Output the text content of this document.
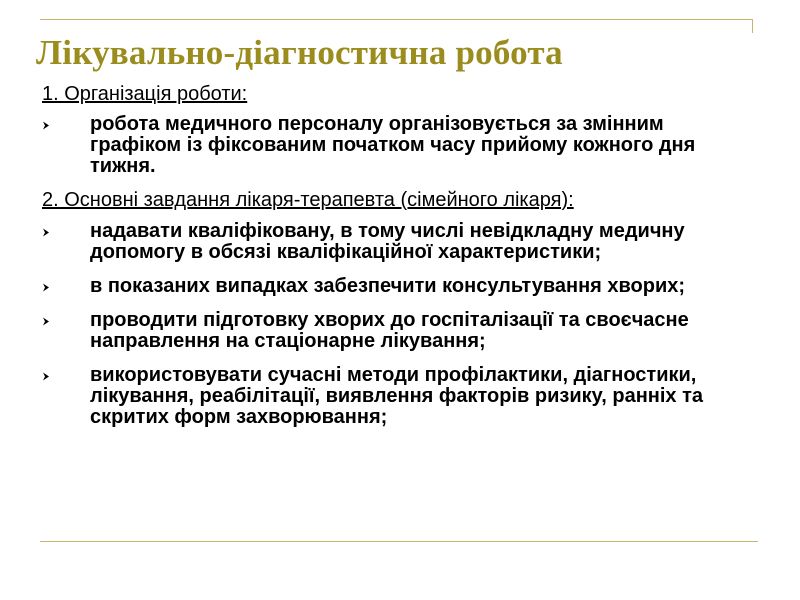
Лікувально-діагностична робота
1. Організація роботи:
робота медичного персоналу організовується за змінним графіком із фіксованим початком часу прийому кожного дня тижня.
2. Основні завдання лікаря-терапевта (сімейного лікаря):
надавати кваліфіковану, в тому числі невідкладну медичну допомогу в обсязі кваліфікаційної характеристики;
в показаних випадках забезпечити консультування хворих;
проводити підготовку хворих до госпіталізації та своєчасне направлення на стаціонарне лікування;
використовувати сучасні методи профілактики, діагностики, лікування, реабілітації, виявлення факторів ризику, ранніх та скритих форм захворювання;
